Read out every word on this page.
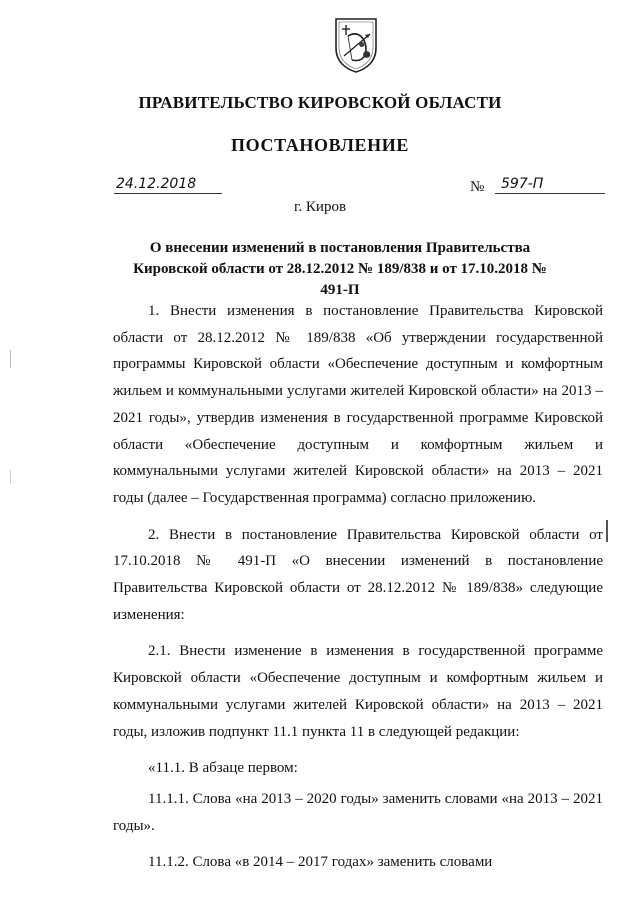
ПРАВИТЕЛЬСТВО КИРОВСКОЙ ОБЛАСТИ
ПОСТАНОВЛЕНИЕ
24.12.2018	№	597-П
г. Киров
О внесении изменений в постановления Правительства Кировской области от 28.12.2012 № 189/838 и от 17.10.2018 № 491-П

1. Внести изменения в постановление Правительства Кировской области от 28.12.2012 № 189/838 «Об утверждении государственной программы Кировской области «Обеспечение доступным и комфортным жильем и коммунальными услугами жителей Кировской области» на 2013 – 2021 годы», утвердив изменения в государственной программе Кировской области «Обеспечение доступным и комфортным жильем и коммунальными услугами жителей Кировской области» на 2013 – 2021 годы (далее – Государственная программа) согласно приложению.

2. Внести в постановление Правительства Кировской области от 17.10.2018 № 491-П «О внесении изменений в постановление Правительства Кировской области от 28.12.2012 № 189/838» следующие изменения:

2.1. Внести изменение в изменения в государственной программе Кировской области «Обеспечение доступным и комфортным жильем и коммунальными услугами жителей Кировской области» на 2013 – 2021 годы, изложив подпункт 11.1 пункта 11 в следующей редакции:

«11.1. В абзаце первом:

11.1.1. Слова «на 2013 – 2020 годы» заменить словами «на 2013 – 2021 годы».

11.1.2. Слова «в 2014 – 2017 годах» заменить словами
